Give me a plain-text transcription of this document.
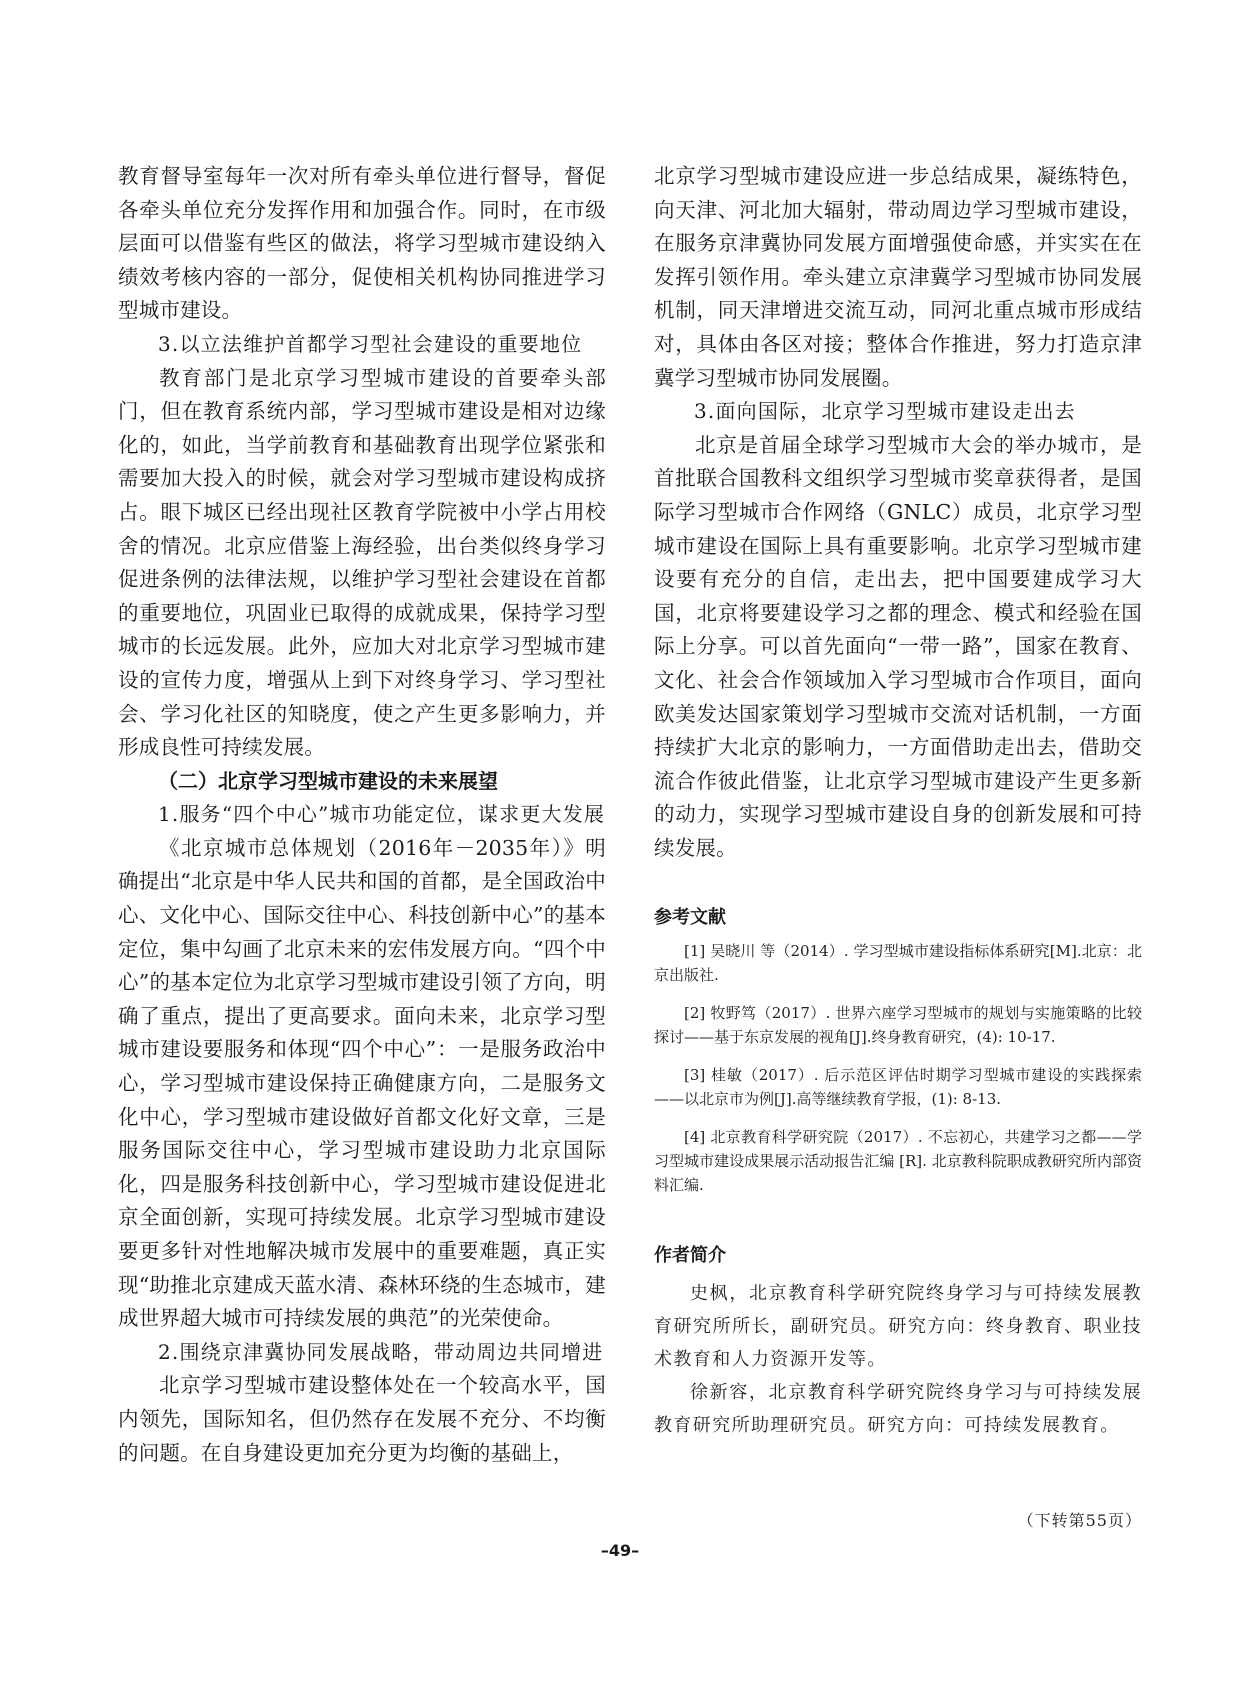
教育督导室每年一次对所有牵头单位进行督导，督促各牵头单位充分发挥作用和加强合作。同时，在市级层面可以借鉴有些区的做法，将学习型城市建设纳入绩效考核内容的一部分，促使相关机构协同推进学习型城市建设。

3.以立法维护首都学习型社会建设的重要地位

教育部门是北京学习型城市建设的首要牵头部门，但在教育系统内部，学习型城市建设是相对边缘化的，如此，当学前教育和基础教育出现学位紧张和需要加大投入的时候，就会对学习型城市建设构成挤占。眼下城区已经出现社区教育学院被中小学占用校舍的情况。北京应借鉴上海经验，出台类似终身学习促进条例的法律法规，以维护学习型社会建设在首都的重要地位，巩固业已取得的成就成果，保持学习型城市的长远发展。此外，应加大对北京学习型城市建设的宣传力度，增强从上到下对终身学习、学习型社会、学习化社区的知晓度，使之产生更多影响力，并形成良性可持续发展。

（二）北京学习型城市建设的未来展望

1.服务“四个中心”城市功能定位，谋求更大发展

《北京城市总体规划（2016年－2035年）》明确提出“北京是中华人民共和国的首都，是全国政治中心、文化中心、国际交往中心、科技创新中心”的基本定位，集中勾画了北京未来的宏伟发展方向。“四个中心”的基本定位为北京学习型城市建设引领了方向，明确了重点，提出了更高要求。面向未来，北京学习型城市建设要服务和体现“四个中心”：一是服务政治中心，学习型城市建设保持正确健康方向，二是服务文化中心，学习型城市建设做好首都文化好文章，三是服务国际交往中心，学习型城市建设助力北京国际化，四是服务科技创新中心，学习型城市建设促进北京全面创新，实现可持续发展。北京学习型城市建设要更多针对性地解决城市发展中的重要难题，真正实现“助推北京建成天蓝水清、森林环绕的生态城市，建成世界超大城市可持续发展的典范”的光荣使命。

2.围绕京津冀协同发展战略，带动周边共同增进

北京学习型城市建设整体处在一个较高水平，国内领先，国际知名，但仍然存在发展不充分、不均衡的问题。在自身建设更加充分更为均衡的基础上，

北京学习型城市建设应进一步总结成果，凝练特色，向天津、河北加大辐射，带动周边学习型城市建设，在服务京津冀协同发展方面增强使命感，并实实在在发挥引领作用。牵头建立京津冀学习型城市协同发展机制，同天津增进交流互动，同河北重点城市形成结对，具体由各区对接；整体合作推进，努力打造京津冀学习型城市协同发展圈。

3.面向国际，北京学习型城市建设走出去

北京是首届全球学习型城市大会的举办城市，是首批联合国教科文组织学习型城市奖章获得者，是国际学习型城市合作网络（GNLC）成员，北京学习型城市建设在国际上具有重要影响。北京学习型城市建设要有充分的自信，走出去，把中国要建成学习大国，北京将要建设学习之都的理念、模式和经验在国际上分享。可以首先面向“一带一路”，国家在教育、文化、社会合作领域加入学习型城市合作项目，面向欧美发达国家策划学习型城市交流对话机制，一方面持续扩大北京的影响力，一方面借助走出去，借助交流合作彼此借鉴，让北京学习型城市建设产生更多新的动力，实现学习型城市建设自身的创新发展和可持续发展。

参考文献

[1] 吴晓川 等（2014）. 学习型城市建设指标体系研究[M].北京：北京出版社.

[2] 牧野笃（2017）. 世界六座学习型城市的规划与实施策略的比较探讨——基于东京发展的视角[J].终身教育研究，(4): 10-17.

[3] 桂敏（2017）. 后示范区评估时期学习型城市建设的实践探索——以北京市为例[J].高等继续教育学报，(1): 8-13.

[4] 北京教育科学研究院（2017）. 不忘初心，共建学习之都——学习型城市建设成果展示活动报告汇编 [R]. 北京教科院职成教研究所内部资料汇编.

作者简介

史枫，北京教育科学研究院终身学习与可持续发展教育研究所所长，副研究员。研究方向：终身教育、职业技术教育和人力资源开发等。

徐新容，北京教育科学研究院终身学习与可持续发展教育研究所助理研究员。研究方向：可持续发展教育。

（下转第55页）
–49–
